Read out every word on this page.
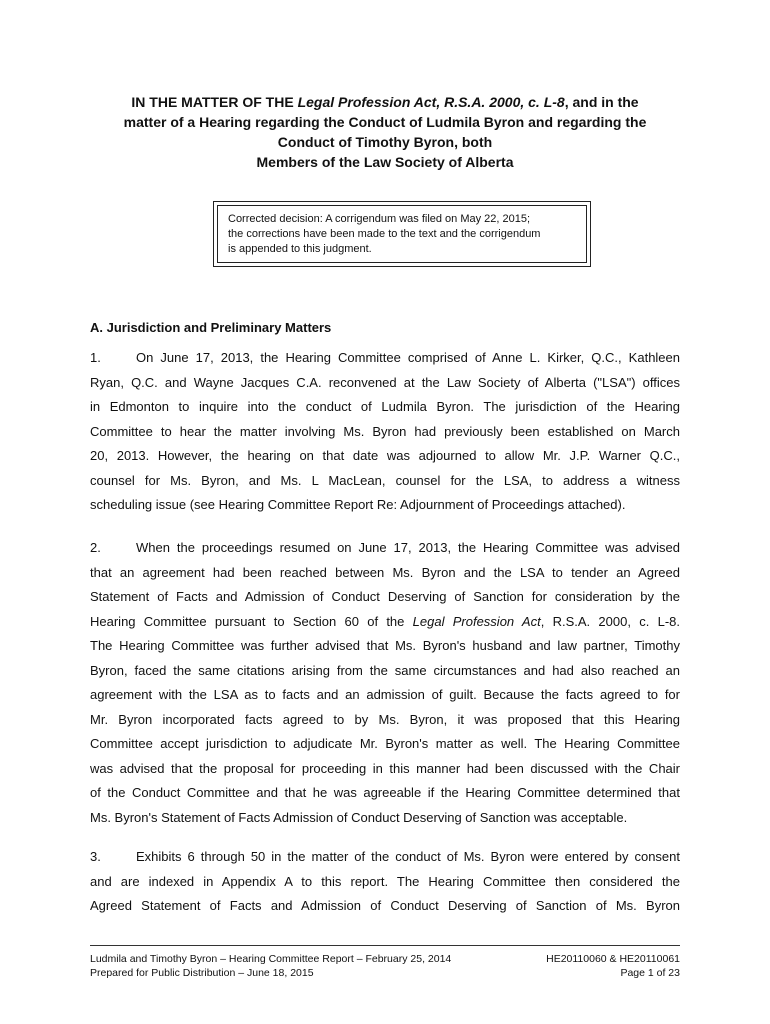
IN THE MATTER OF THE Legal Profession Act, R.S.A. 2000, c. L-8, and in the
matter of a Hearing regarding the Conduct of Ludmila Byron and regarding the
Conduct of Timothy Byron, both
Members of the Law Society of Alberta
Corrected decision: A corrigendum was filed on May 22, 2015;
the corrections have been made to the text and the corrigendum
is appended to this judgment.
A. Jurisdiction and Preliminary Matters
1.	On June 17, 2013, the Hearing Committee comprised of Anne L. Kirker, Q.C., Kathleen
Ryan, Q.C. and Wayne Jacques C.A. reconvened at the Law Society of Alberta ("LSA") offices
in Edmonton to inquire into the conduct of Ludmila Byron. The jurisdiction of the Hearing
Committee to hear the matter involving Ms. Byron had previously been established on March
20, 2013. However, the hearing on that date was adjourned to allow Mr. J.P. Warner Q.C.,
counsel for Ms. Byron, and Ms. L MacLean, counsel for the LSA, to address a witness
scheduling issue (see Hearing Committee Report Re: Adjournment of Proceedings attached).
2.	When the proceedings resumed on June 17, 2013, the Hearing Committee was advised
that an agreement had been reached between Ms. Byron and the LSA to tender an Agreed
Statement of Facts and Admission of Conduct Deserving of Sanction for consideration by the
Hearing Committee pursuant to Section 60 of the Legal Profession Act, R.S.A. 2000, c. L-8.
The Hearing Committee was further advised that Ms. Byron's husband and law partner, Timothy
Byron, faced the same citations arising from the same circumstances and had also reached an
agreement with the LSA as to facts and an admission of guilt. Because the facts agreed to for
Mr. Byron incorporated facts agreed to by Ms. Byron, it was proposed that this Hearing
Committee accept jurisdiction to adjudicate Mr. Byron's matter as well. The Hearing Committee
was advised that the proposal for proceeding in this manner had been discussed with the Chair
of the Conduct Committee and that he was agreeable if the Hearing Committee determined that
Ms. Byron's Statement of Facts Admission of Conduct Deserving of Sanction was acceptable.
3.	Exhibits 6 through 50 in the matter of the conduct of Ms. Byron were entered by consent
and are indexed in Appendix A to this report. The Hearing Committee then considered the
Agreed Statement of Facts and Admission of Conduct Deserving of Sanction of Ms. Byron
Ludmila and Timothy Byron – Hearing Committee Report – February 25, 2014
Prepared for Public Distribution – June 18, 2015
HE20110060 & HE20110061
Page 1 of 23
